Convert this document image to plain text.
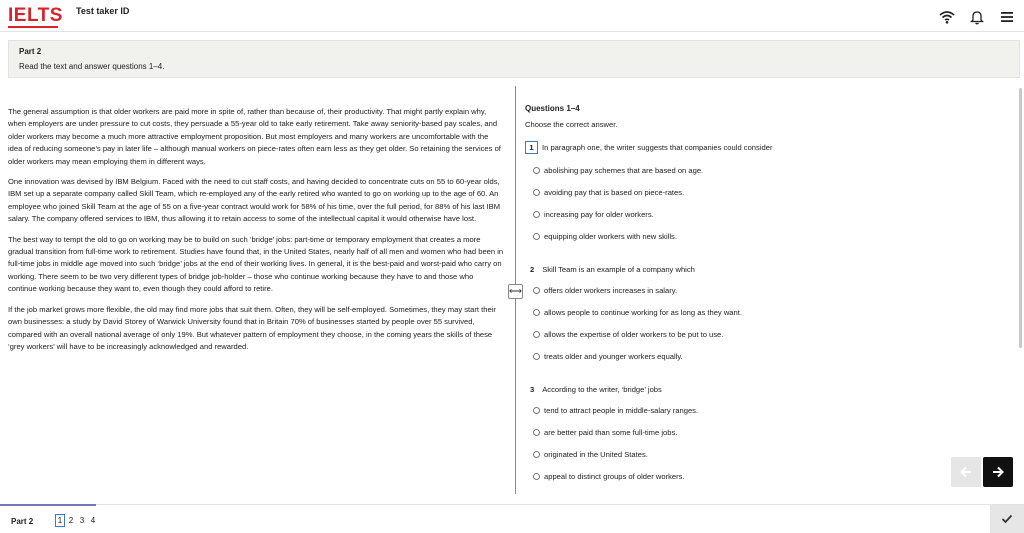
IELTS Test taker ID
Part 2
Read the text and answer questions 1–4.

The general assumption is that older workers are paid more in spite of, rather than because of, their productivity. That might partly explain why, when employers are under pressure to cut costs, they persuade a 55-year old to take early retirement. Take away seniority-based pay scales, and older workers may become a much more attractive employment proposition. But most employers and many workers are uncomfortable with the idea of reducing someone’s pay in later life – although manual workers on piece-rates often earn less as they get older. So retaining the services of older workers may mean employing them in different ways.

One innovation was devised by IBM Belgium. Faced with the need to cut staff costs, and having decided to concentrate cuts on 55 to 60-year olds, IBM set up a separate company called Skill Team, which re-employed any of the early retired who wanted to go on working up to the age of 60. An employee who joined Skill Team at the age of 55 on a five-year contract would work for 58% of his time, over the full period, for 88% of his last IBM salary. The company offered services to IBM, thus allowing it to retain access to some of the intellectual capital it would otherwise have lost.

The best way to tempt the old to go on working may be to build on such ‘bridge’ jobs: part-time or temporary employment that creates a more gradual transition from full-time work to retirement. Studies have found that, in the United States, nearly half of all men and women who had been in full-time jobs in middle age moved into such ‘bridge’ jobs at the end of their working lives. In general, it is the best-paid and worst-paid who carry on working. There seem to be two very different types of bridge job-holder – those who continue working because they have to and those who continue working because they want to, even though they could afford to retire.

If the job market grows more flexible, the old may find more jobs that suit them. Often, they will be self-employed. Sometimes, they may start their own businesses: a study by David Storey of Warwick University found that in Britain 70% of businesses started by people over 55 survived, compared with an overall national average of only 19%. But whatever pattern of employment they choose, in the coming years the skills of these ‘grey workers’ will have to be increasingly acknowledged and rewarded.

⟷
Questions 1–4
Choose the correct answer.
1	In paragraph one, the writer suggests that companies could consider
abolishing pay schemes that are based on age.
avoiding pay that is based on piece-rates.
increasing pay for older workers.
equipping older workers with new skills.
2 Skill Team is an example of a company which
offers older workers increases in salary.
allows people to continue working for as long as they want.
allows the expertise of older workers to be put to use.
treats older and younger workers equally.
3 According to the writer, ‘bridge’ jobs
tend to attract people in middle-salary ranges.
are better paid than some full-time jobs.
originated in the United States.
appeal to distinct groups of older workers.
Part 2	1 2 3 4
